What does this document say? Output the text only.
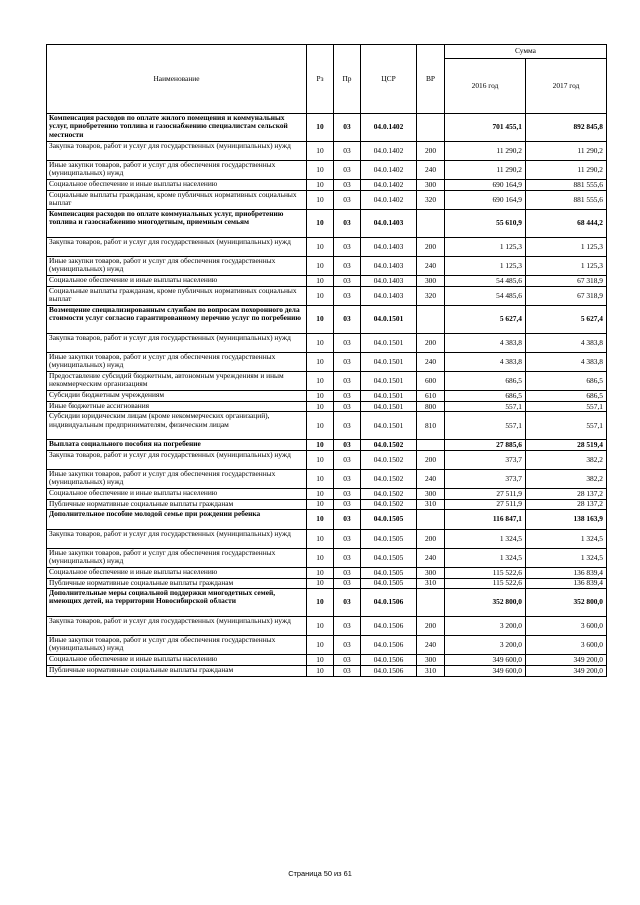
Наименование	Рз	Пр	ЦСР	ВР	Сумма	
					2016 год	2017 год
Компенсация расходов по оплате жилого помещения и коммунальных услуг, приобретению топлива и газоснабжению специалистам сельской местности	10	03	04.0.1402		701 455,1	892 845,8
Закупка товаров, работ и услуг для государственных (муниципальных) нужд	10	03	04.0.1402	200	11 290,2	11 290,2
Иные закупки товаров, работ и услуг для обеспечения государственных (муниципальных) нужд	10	03	04.0.1402	240	11 290,2	11 290,2
Социальное обеспечение и иные выплаты населению	10	03	04.0.1402	300	690 164,9	881 555,6
Социальные выплаты гражданам, кроме публичных нормативных социальных выплат	10	03	04.0.1402	320	690 164,9	881 555,6
Компенсация расходов по оплате коммунальных услуг, приобретению топлива и газоснабжению многодетным, приемным семьям	10	03	04.0.1403		55 610,9	68 444,2
Закупка товаров, работ и услуг для государственных (муниципальных) нужд	10	03	04.0.1403	200	1 125,3	1 125,3
Иные закупки товаров, работ и услуг для обеспечения государственных (муниципальных) нужд	10	03	04.0.1403	240	1 125,3	1 125,3
Социальное обеспечение и иные выплаты населению	10	03	04.0.1403	300	54 485,6	67 318,9
Социальные выплаты гражданам, кроме публичных нормативных социальных выплат	10	03	04.0.1403	320	54 485,6	67 318,9
Возмещение специализированным службам по вопросам похоронного дела стоимости услуг согласно гарантированному перечню услуг по погребению	10	03	04.0.1501		5 627,4	5 627,4
Закупка товаров, работ и услуг для государственных (муниципальных) нужд	10	03	04.0.1501	200	4 383,8	4 383,8
Иные закупки товаров, работ и услуг для обеспечения государственных (муниципальных) нужд	10	03	04.0.1501	240	4 383,8	4 383,8
Предоставление субсидий бюджетным, автономным учреждениям и иным некоммерческим организациям	10	03	04.0.1501	600	686,5	686,5
Субсидии бюджетным учреждениям	10	03	04.0.1501	610	686,5	686,5
Иные бюджетные ассигнования	10	03	04.0.1501	800	557,1	557,1
Субсидии юридическим лицам (кроме некоммерческих организаций), индивидуальным предпринимателям, физическим лицам	10	03	04.0.1501	810	557,1	557,1
Выплата социального пособия на погребение	10	03	04.0.1502		27 885,6	28 519,4
Закупка товаров, работ и услуг для государственных (муниципальных) нужд	10	03	04.0.1502	200	373,7	382,2
Иные закупки товаров, работ и услуг для обеспечения государственных (муниципальных) нужд	10	03	04.0.1502	240	373,7	382,2
Социальное обеспечение и иные выплаты населению	10	03	04.0.1502	300	27 511,9	28 137,2
Публичные нормативные социальные выплаты гражданам	10	03	04.0.1502	310	27 511,9	28 137,2
Дополнительное пособие молодой семье при рождении ребенка	10	03	04.0.1505		116 847,1	138 163,9
Закупка товаров, работ и услуг для государственных (муниципальных) нужд	10	03	04.0.1505	200	1 324,5	1 324,5
Иные закупки товаров, работ и услуг для обеспечения государственных (муниципальных) нужд	10	03	04.0.1505	240	1 324,5	1 324,5
Социальное обеспечение и иные выплаты населению	10	03	04.0.1505	300	115 522,6	136 839,4
Публичные нормативные социальные выплаты гражданам	10	03	04.0.1505	310	115 522,6	136 839,4
Дополнительные меры социальной поддержки многодетных семей, имеющих детей, на территории Новосибирской области	10	03	04.0.1506		352 800,0	352 800,0
Закупка товаров, работ и услуг для государственных (муниципальных) нужд	10	03	04.0.1506	200	3 200,0	3 600,0
Иные закупки товаров, работ и услуг для обеспечения государственных (муниципальных) нужд	10	03	04.0.1506	240	3 200,0	3 600,0
Социальное обеспечение и иные выплаты населению	10	03	04.0.1506	300	349 600,0	349 200,0
Публичные нормативные социальные выплаты гражданам	10	03	04.0.1506	310	349 600,0	349 200,0
Страница 50 из 61
